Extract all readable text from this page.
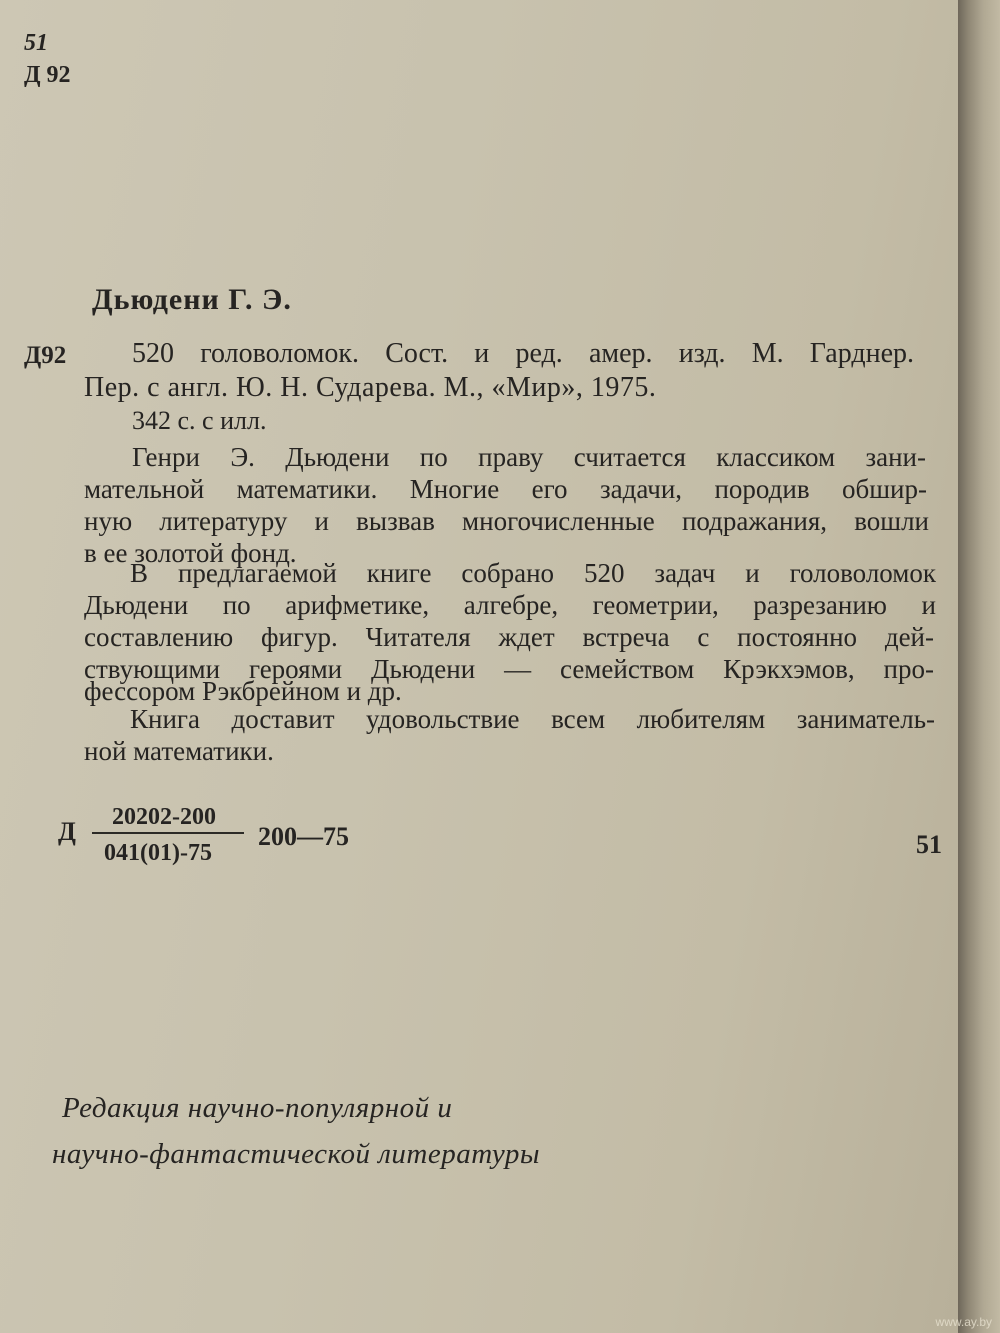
51
Д 92
Дьюдени Г. Э.
Д92 520 головоломок. Сост. и ред. амер. изд. М. Гарднер.
Пер. с англ. Ю. Н. Сударева. М., «Мир», 1975.
342 с. с илл.
Генри Э. Дьюдени по праву считается классиком зани-
мательной математики. Многие его задачи, породив обшир-
ную литературу и вызвав многочисленные подражания, вошли
в ее золотой фонд.
В предлагаемой книге собрано 520 задач и головоломок
Дьюдени по арифметике, алгебре, геометрии, разрезанию и
составлению фигур. Читателя ждет встреча с постоянно дей-
ствующими героями Дьюдени — семейством Крэкхэмов, про-
фессором Рэкбрейном и др.
Книга доставит удовольствие всем любителям заниматель-
ной математики.
Д 20202-200
041(01)-75
200—75	51
Редакция научно-популярной и
научно-фантастической литературы
www.ay.by
